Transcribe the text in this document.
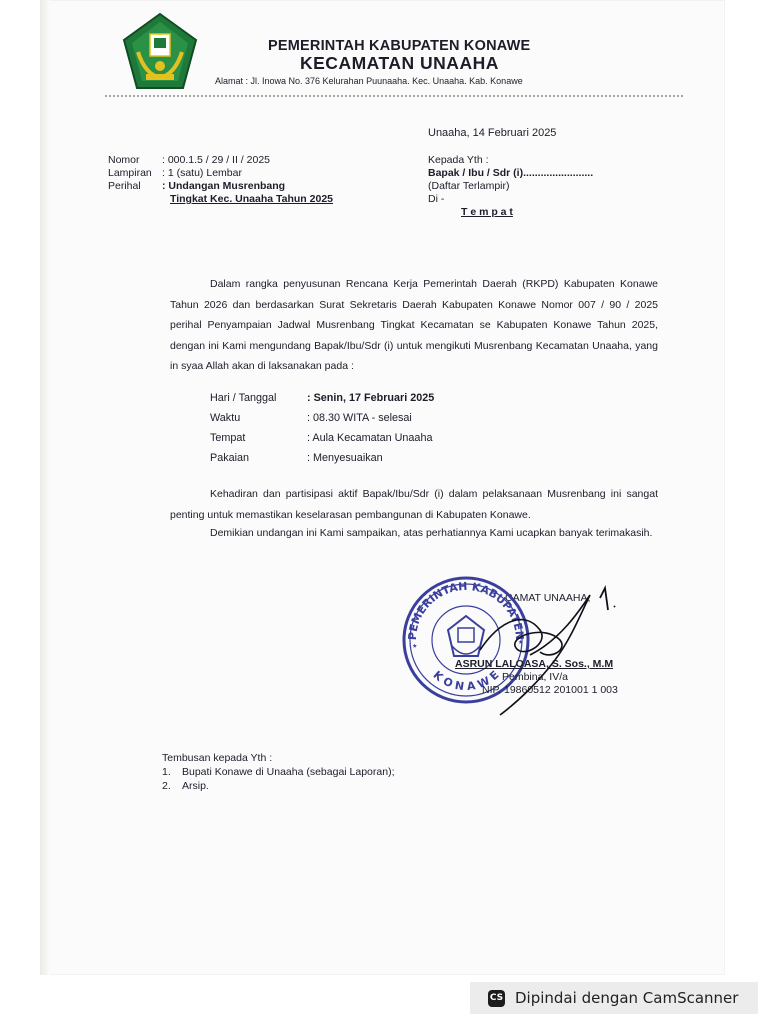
PEMERINTAH KABUPATEN KONAWE
KECAMATAN UNAAHA
Alamat : Jl. Inowa No. 376 Kelurahan Puunaaha. Kec. Unaaha. Kab. Konawe
Unaaha, 14 Februari 2025
Nomor : 000.1.5 / 29 / II / 2025
Lampiran : 1 (satu) Lembar
Perihal : Undangan Musrenbang
Tingkat Kec. Unaaha Tahun 2025
Kepada Yth :
Bapak / Ibu / Sdr (i)........................
(Daftar Terlampir)
Di -
T e m p a t
Dalam rangka penyusunan Rencana Kerja Pemerintah Daerah (RKPD) Kabupaten Konawe Tahun 2026 dan berdasarkan Surat Sekretaris Daerah Kabupaten Konawe Nomor 007 / 90 / 2025 perihal Penyampaian Jadwal Musrenbang Tingkat Kecamatan se Kabupaten Konawe Tahun 2025, dengan ini Kami mengundang Bapak/Ibu/Sdr (i) untuk mengikuti Musrenbang Kecamatan Unaaha, yang in syaa Allah akan di laksanakan pada :
Hari / Tanggal	: Senin, 17 Februari 2025
Waktu	: 08.30 WITA - selesai
Tempat	: Aula Kecamatan Unaaha
Pakaian	: Menyesuaikan
Kehadiran dan partisipasi aktif Bapak/Ibu/Sdr (i) dalam pelaksanaan Musrenbang ini sangat penting untuk memastikan keselarasan pembangunan di Kabupaten Konawe.
Demikian undangan ini Kami sampaikan, atas perhatiannya Kami ucapkan banyak terimakasih.
CAMAT UNAAHA,
PEMERINTAH KABUPATEN
K O N A W E
★	★
ASRUN LALOASA, S. Sos., M.M
Pembina, IV/a
NIP. 19860512 201001 1 003
Tembusan kepada Yth :
1. Bupati Konawe di Unaaha (sebagai Laporan);
2. Arsip.
CS Dipindai dengan CamScanner
